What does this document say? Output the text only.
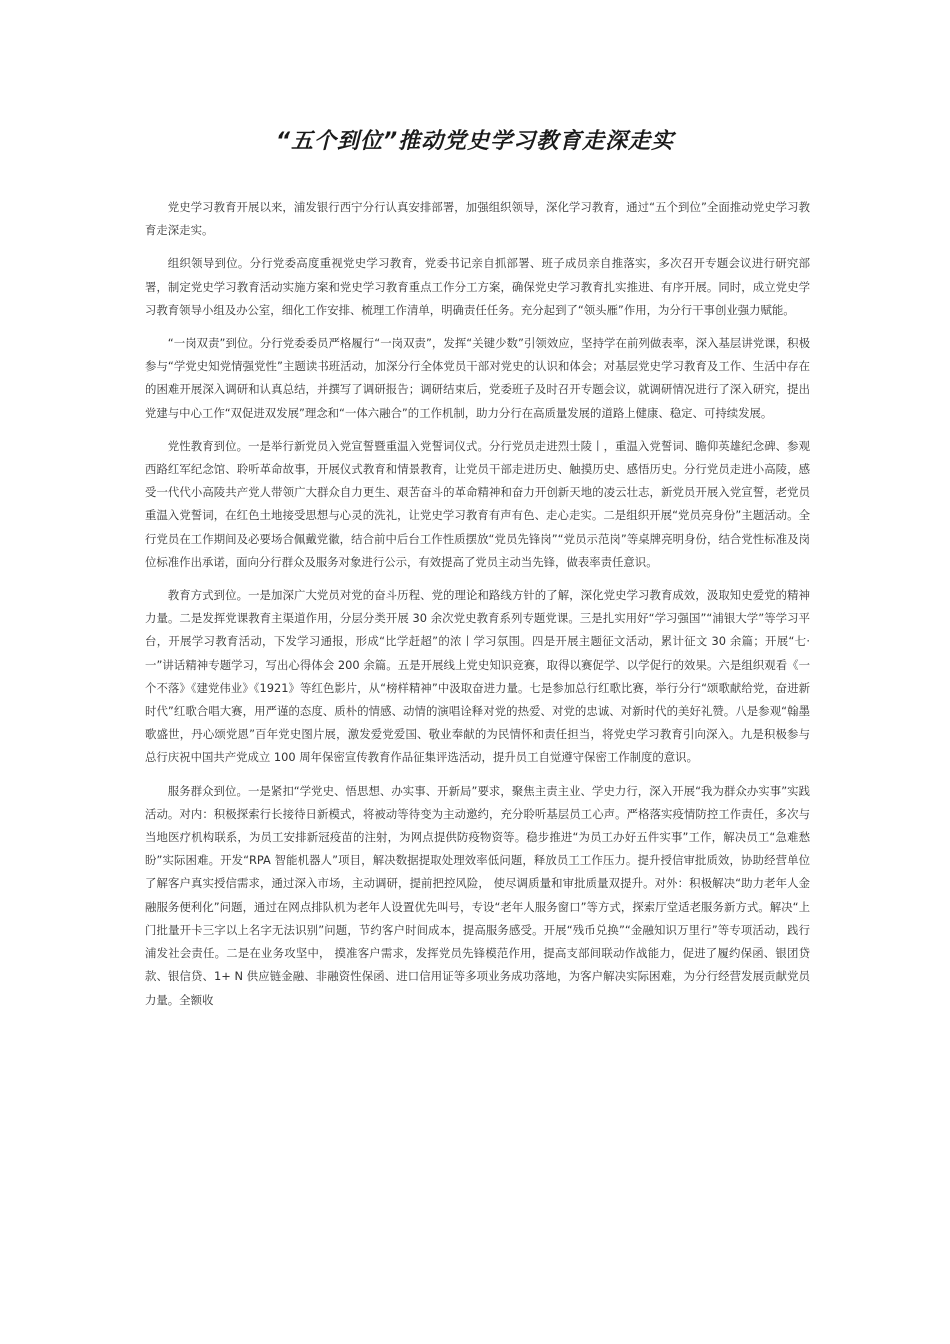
“五个到位”推动党史学习教育走深走实

党史学习教育开展以来，浦发银行西宁分行认真安排部署，加强组织领导，深化学习教育，通过“五个到位”全面推动党史学习教育走深走实。

组织领导到位。分行党委高度重视党史学习教育，党委书记亲自抓部署、班子成员亲自推落实，多次召开专题会议进行研究部署，制定党史学习教育活动实施方案和党史学习教育重点工作分工方案，确保党史学习教育扎实推进、有序开展。同时，成立党史学习教育领导小组及办公室，细化工作安排、梳理工作清单，明确责任任务。充分起到了“领头雁”作用，为分行干事创业强力赋能。

“一岗双责”到位。分行党委委员严格履行“一岗双责”，发挥“关键少数”引领效应，坚持学在前列做表率，深入基层讲党课，积极参与“学党史知党情强党性”主题读书班活动，加深分行全体党员干部对党史的认识和体会；对基层党史学习教育及工作、生活中存在的困难开展深入调研和认真总结，并撰写了调研报告；调研结束后，党委班子及时召开专题会议，就调研情况进行了深入研究，提出党建与中心工作“双促进双发展”理念和“一体六融合”的工作机制，助力分行在高质量发展的道路上健康、稳定、可持续发展。

党性教育到位。一是举行新党员入党宣誓暨重温入党誓词仪式。分行党员走进烈士陵⼁，重温入党誓词、瞻仰英雄纪念碑、参观西路红军纪念馆、聆听革命故事，开展仪式教育和情景教育，让党员干部走进历史、触摸历史、感悟历史。分行党员走进小高陵，感受一代代小高陵共产党人带领广大群众自力更生、艰苦奋斗的革命精神和奋力开创新天地的凌云壮志，新党员开展入党宣誓，老党员重温入党誓词，在红色土地接受思想与心灵的洗礼，让党史学习教育有声有色、走心走实。二是组织开展“党员亮身份”主题活动。全行党员在工作期间及必要场合佩戴党徽，结合前中后台工作性质摆放“党员先锋岗”“党员示范岗”等桌牌亮明身份，结合党性标准及岗位标准作出承诺，面向分行群众及服务对象进行公示，有效提高了党员主动当先锋，做表率责任意识。

教育方式到位。一是加深广大党员对党的奋斗历程、党的理论和路线方针的了解，深化党史学习教育成效，汲取知史爱党的精神力量。二是发挥党课教育主渠道作用，分层分类开展 30 余次党史教育系列专题党课。三是扎实用好“学习强国”“浦银大学”等学习平台，开展学习教育活动，下发学习通报，形成“比学赶超”的浓⼁学习氛围。四是开展主题征文活动，累计征文 30 余篇；开展“七·一”讲话精神专题学习，写出心得体会 200 余篇。五是开展线上党史知识竞赛，取得以赛促学、以学促行的效果。六是组织观看《一个不落》《建党伟业》《1921》等红色影片，从“榜样精神”中汲取奋进力量。七是参加总行红歌比赛，举行分行“颂歌献给党，奋进新时代”红歌合唱大赛，用严谨的态度、质朴的情感、动情的演唱诠释对党的热爱、对党的忠诚、对新时代的美好礼赞。八是参观“翰墨歌盛世，丹心颂党恩”百年党史图片展，激发爱党爱国、敬业奉献的为民情怀和责任担当，将党史学习教育引向深入。九是积极参与总行庆祝中国共产党成立 100 周年保密宣传教育作品征集评选活动，提升员工自觉遵守保密工作制度的意识。

服务群众到位。一是紧扣“学党史、悟思想、办实事、开新局”要求，聚焦主责主业、学史力行，深入开展“我为群众办实事”实践活动。对内：积极探索行长接待日新模式，将被动等待变为主动邀约，充分聆听基层员工心声。严格落实疫情防控工作责任，多次与当地医疗机构联系，为员工安排新冠疫苗的注射，为网点提供防疫物资等。稳步推进“为员工办好五件实事”工作，解决员工“急难愁盼”实际困难。开发“RPA 智能机器人”项目，解决数据提取处理效率低问题，释放员工工作压力。提升授信审批质效，协助经营单位了解客户真实授信需求，通过深入市场，主动调研，提前把控风险， 使尽调质量和审批质量双提升。对外：积极解决“助力老年人金融服务便利化”问题，通过在网点排队机为老年人设置优先叫号，专设“老年人服务窗口”等方式，探索厅堂适老服务新方式。解决“上门批量开卡三字以上名字无法识别”问题，节约客户时间成本，提高服务感受。开展“残币兑换”“金融知识万里行”等专项活动，践行浦发社会责任。二是在业务攻坚中， 摸准客户需求，发挥党员先锋模范作用，提高支部间联动作战能力，促进了履约保函、银团贷款、银信贷、1+ N 供应链金融、非融资性保函、进口信用证等多项业务成功落地，为客户解决实际困难，为分行经营发展贡献党员力量。全额收
